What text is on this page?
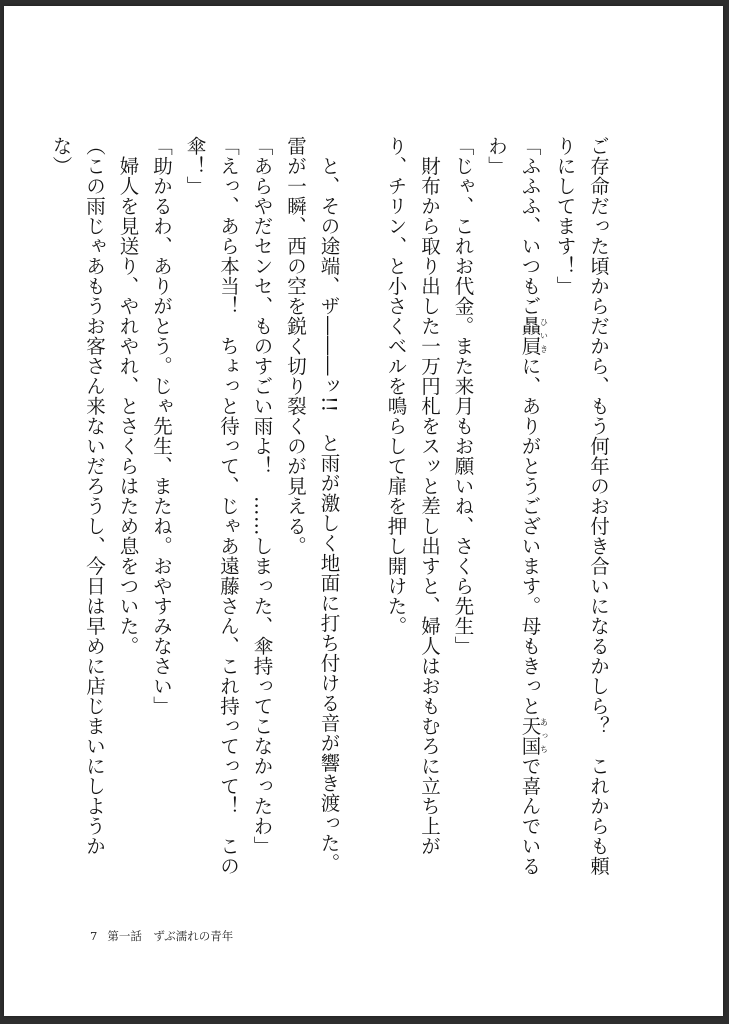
ご存命だった頃からだから、もう何年のお付き合いになるかしら？　これからも頼りにしてます！」

「ふふふ、いつもご贔屓ひいきに、ありがとうございます。母もきっと天国あっちで喜んでいるわ」

「じゃ、これお代金。また来月もお願いね、さくら先生」

財布から取り出した一万円札をスッと差し出すと、婦人はおもむろに立ち上がり、チリン、と小さくベルを鳴らして扉を押し開けた。

と、その途端、ザ―――ッ!!　と雨が激しく地面に打ち付ける音が響き渡った。雷が一瞬、西の空を鋭く切り裂くのが見える。

「あらやだセンセ、ものすごい雨よ！　……しまった、傘持ってこなかったわ」

「えっ、あら本当！　ちょっと待って、じゃあ遠藤さん、これ持ってって！　この傘！」

「助かるわ、ありがとう。じゃ先生、またね。おやすみなさい」

婦人を見送り、やれやれ、とさくらはため息をついた。

（この雨じゃあもうお客さん来ないだろうし、今日は早めに店じまいにしようかな）

7 第一話　ずぶ濡れの青年
